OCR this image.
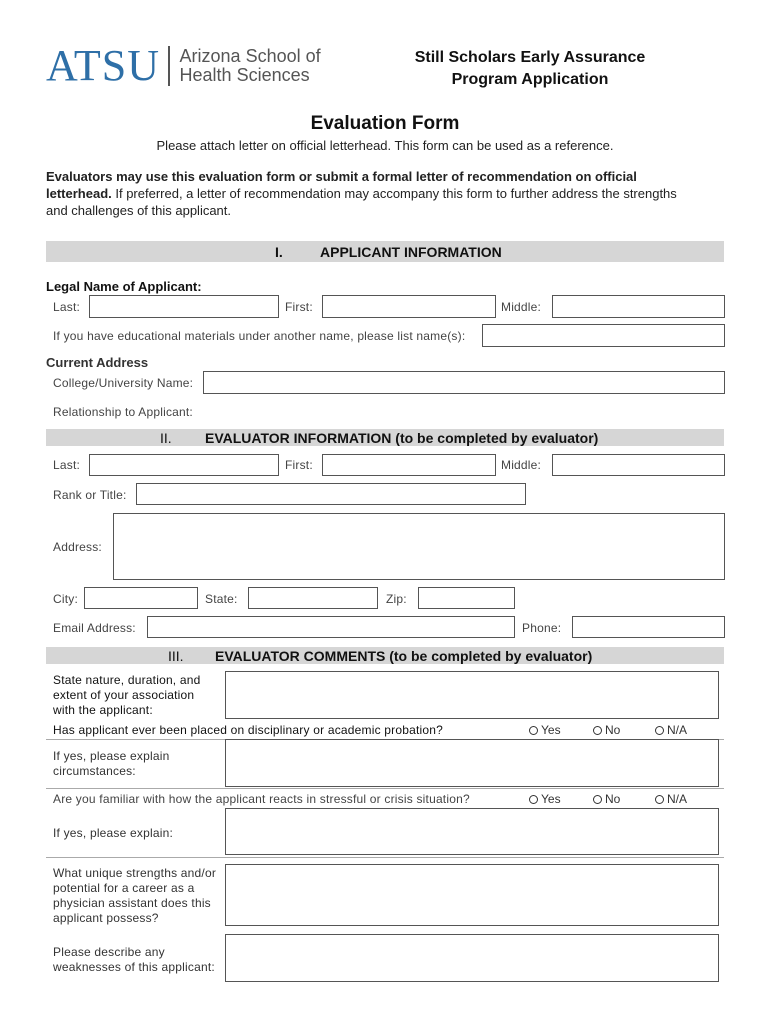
ATSU Arizona School of
Health Sciences
Still Scholars Early Assurance
Program Application
Evaluation Form
Please attach letter on official letterhead. This form can be used as a reference.
Evaluators may use this evaluation form or submit a formal letter of recommendation on official
letterhead. If preferred, a letter of recommendation may accompany this form to further address the strengths
and challenges of this applicant.
I.	APPLICANT INFORMATION
Legal Name of Applicant:
Last:	First:	Middle:
If you have educational materials under another name, please list name(s):
Current Address
College/University Name:
Relationship to Applicant:
II. EVALUATOR INFORMATION (to be completed by evaluator)
Last:	First:	Middle:
Rank or Title:
Address:
City:	State:	Zip:
Email Address:	Phone:
III. EVALUATOR COMMENTS (to be completed by evaluator)
State nature, duration, and
extent of your association
with the applicant:
Has applicant ever been placed on disciplinary or academic probation?	Yes	No	N/A
If yes, please explain
circumstances:
Are you familiar with how the applicant reacts in stressful or crisis situation?	Yes	No	N/A
If yes, please explain:
What unique strengths and/or
potential for a career as a
physician assistant does this
applicant possess?
Please describe any
weaknesses of this applicant:
